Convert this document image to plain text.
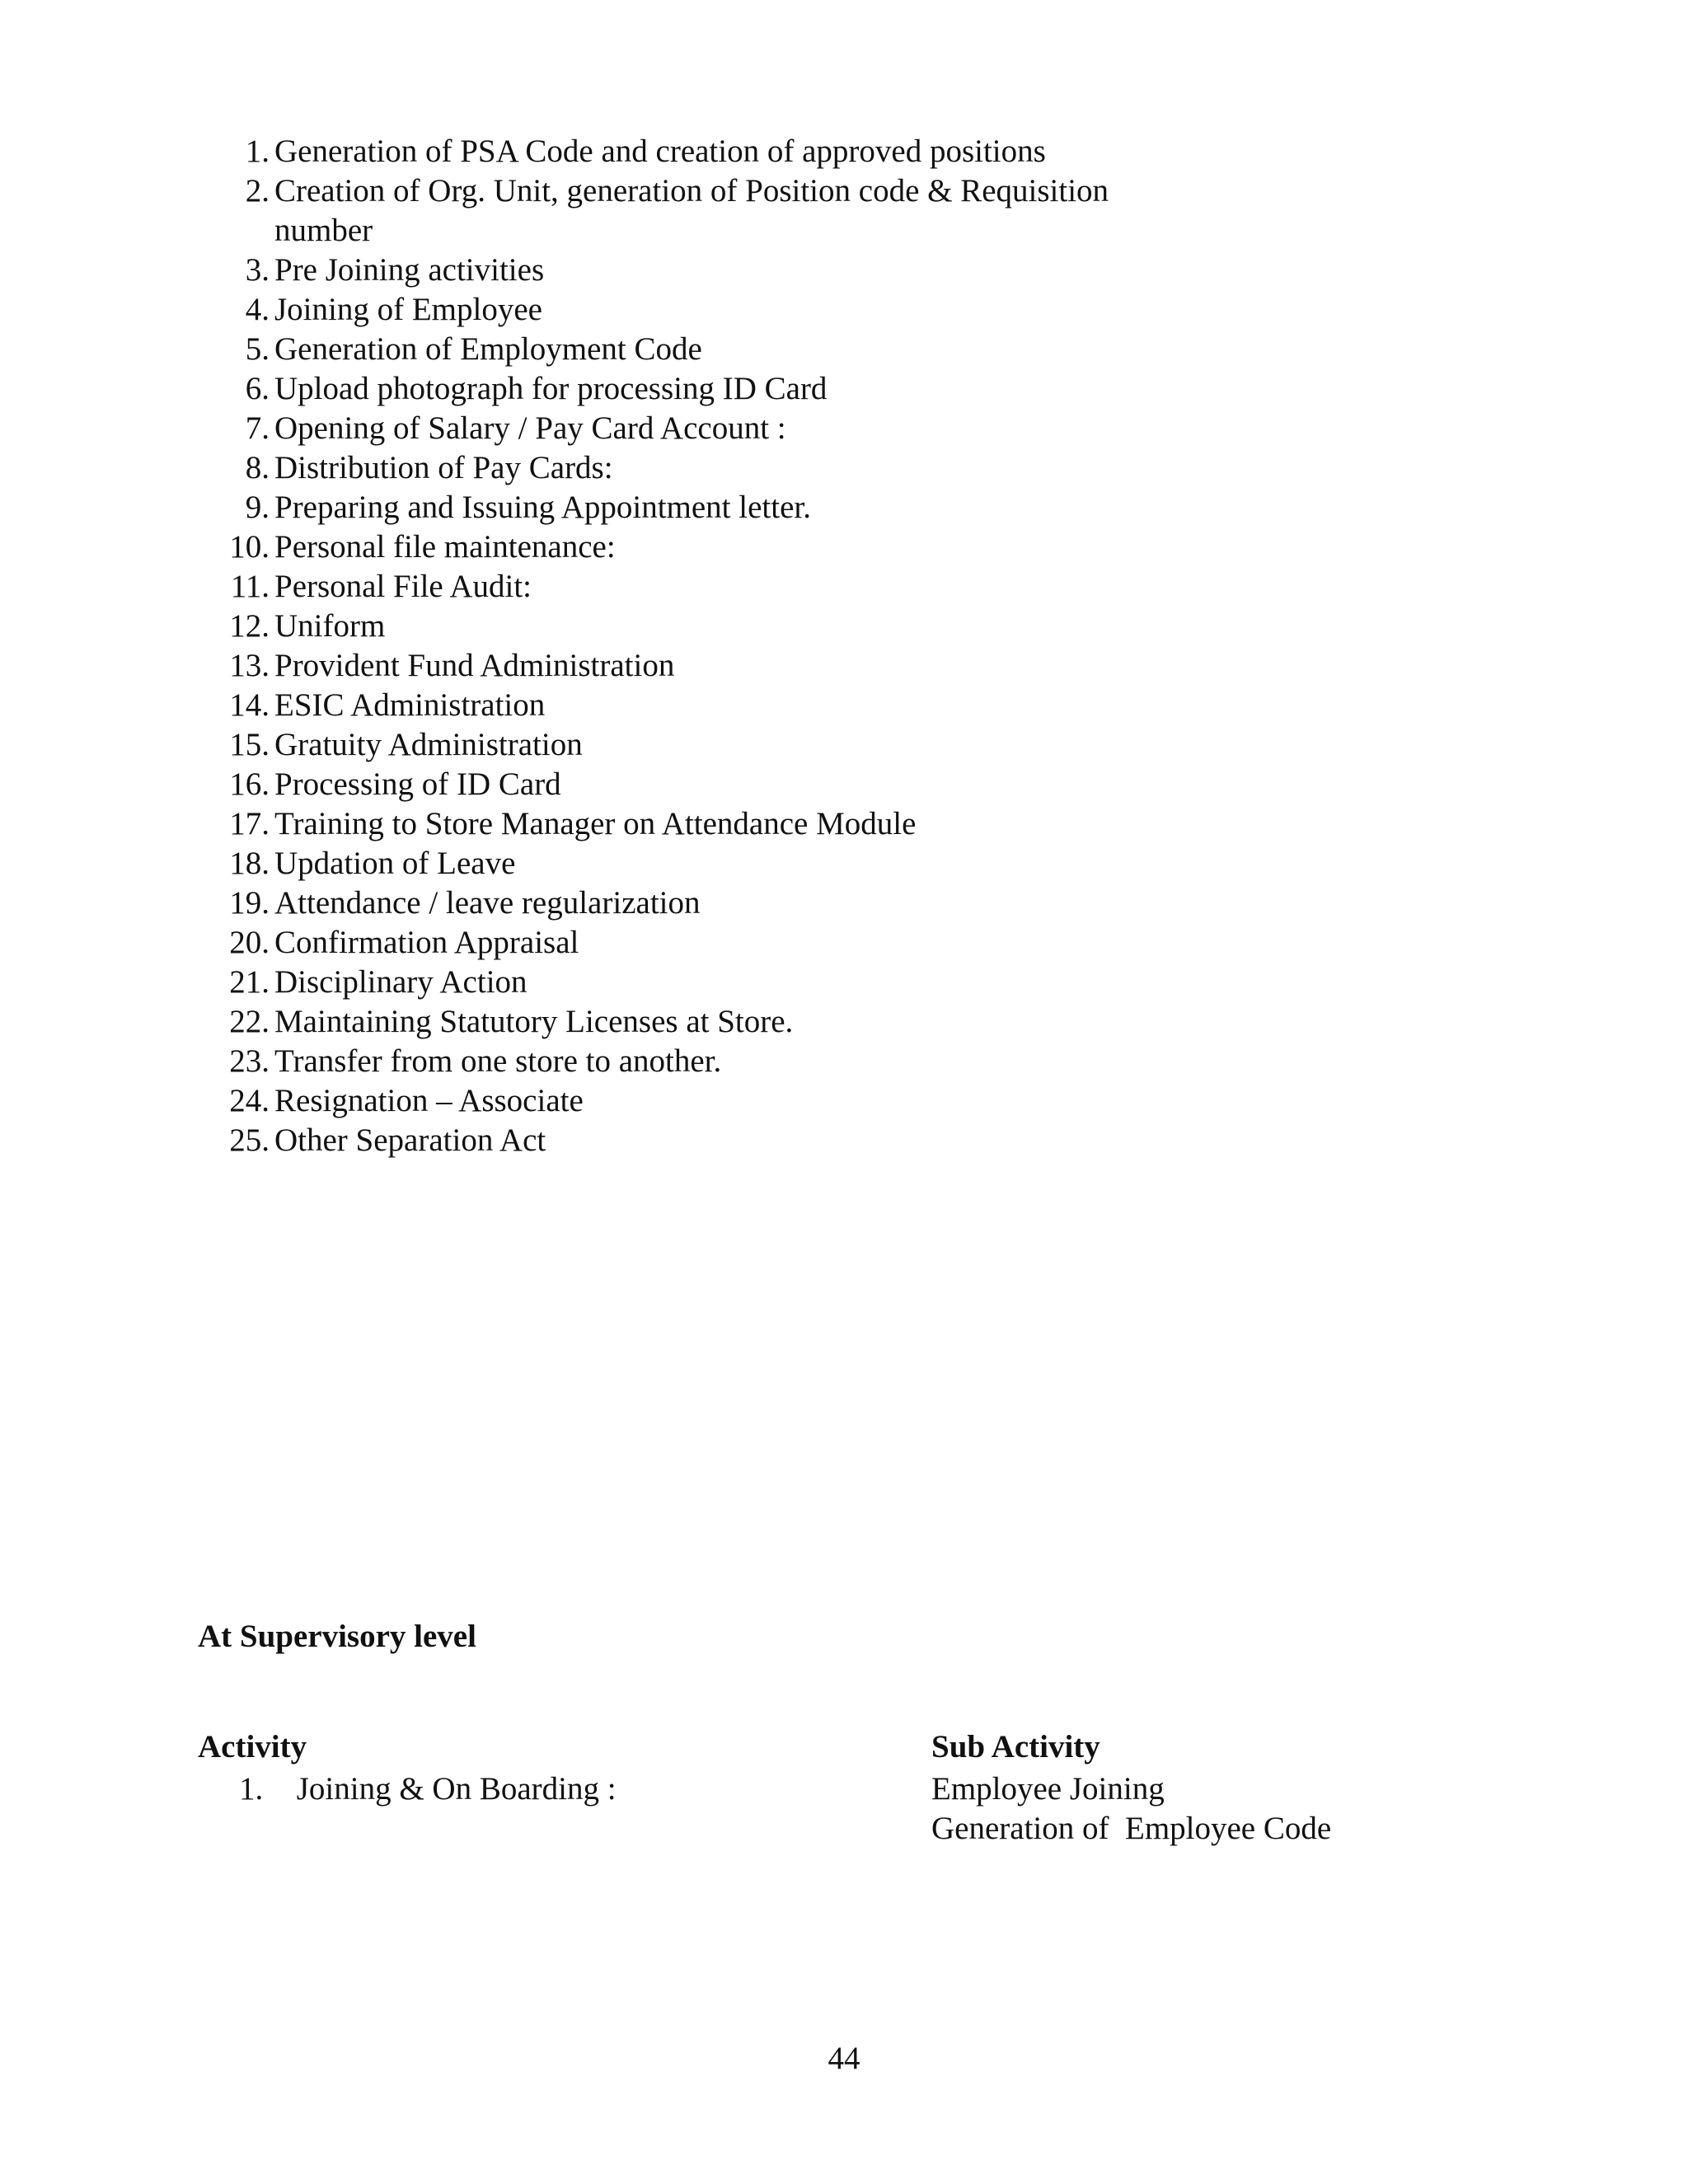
1. Generation of PSA Code and creation of approved positions
2. Creation of Org. Unit, generation of Position code & Requisition number
3. Pre Joining activities
4. Joining of Employee
5. Generation of Employment Code
6. Upload photograph for processing ID Card
7. Opening of Salary / Pay Card Account :
8. Distribution of Pay Cards:
9. Preparing and Issuing Appointment letter.
10. Personal file maintenance:
11. Personal File Audit:
12. Uniform
13. Provident Fund Administration
14. ESIC Administration
15. Gratuity Administration
16. Processing of ID Card
17. Training to Store Manager on Attendance Module
18. Updation of Leave
19. Attendance / leave regularization
20. Confirmation Appraisal
21. Disciplinary Action
22. Maintaining Statutory Licenses at Store.
23. Transfer from one store to another.
24. Resignation – Associate
25. Other Separation Act
At Supervisory level
Activity	Sub Activity
1. Joining & On Boarding :	Employee Joining
Generation of  Employee Code
44
